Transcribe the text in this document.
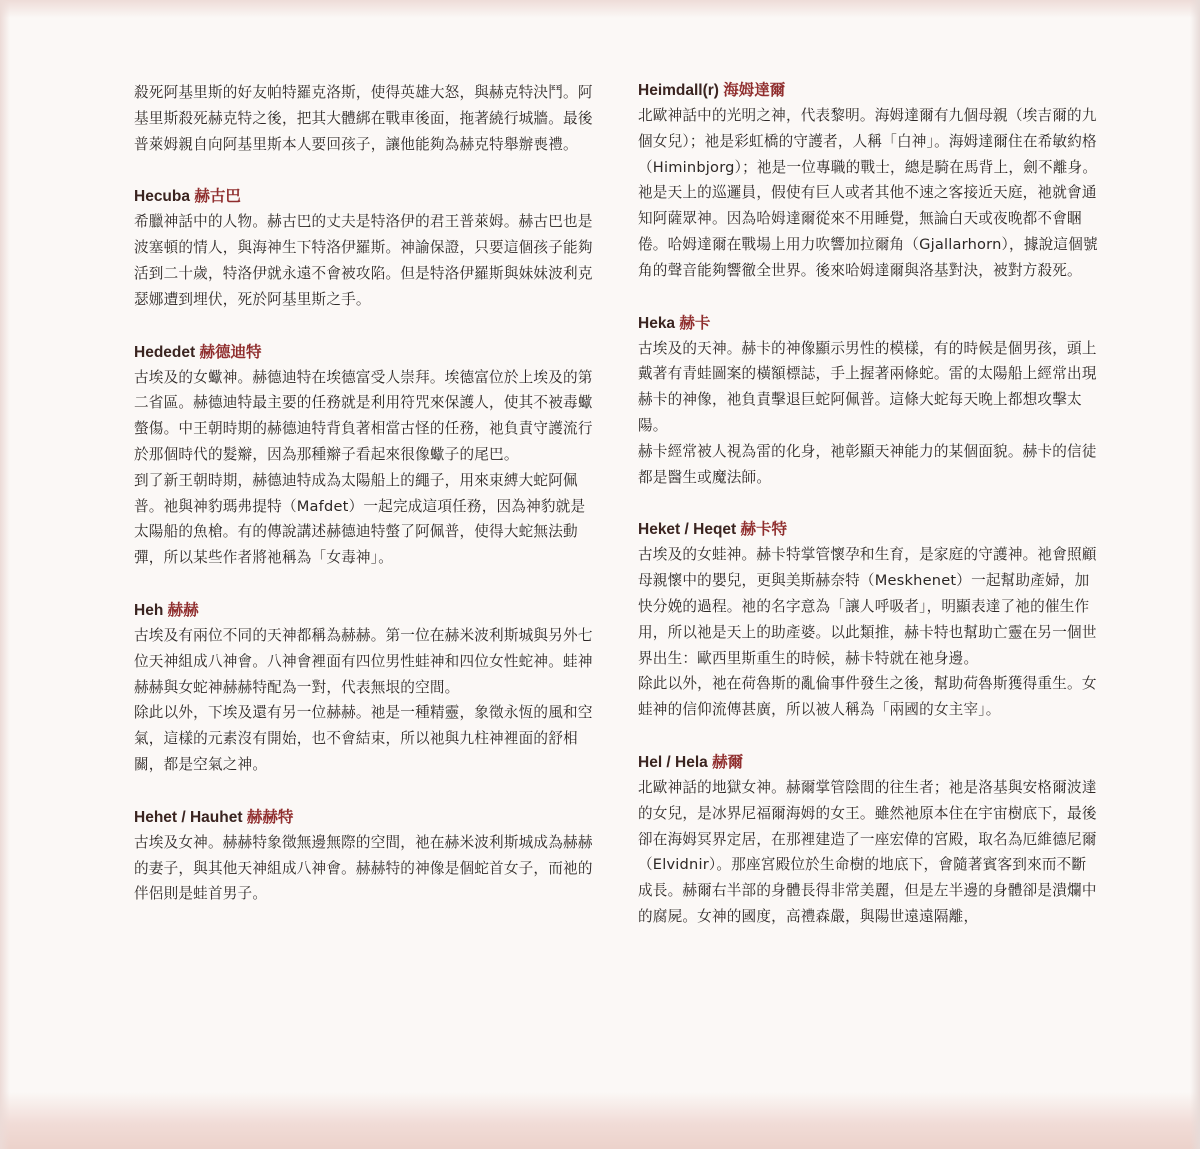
殺死阿基里斯的好友帕特羅克洛斯，使得英雄大怒，與赫克特決鬥。阿基里斯殺死赫克特之後，把其大體綁在戰車後面，拖著繞行城牆。最後普萊姆親自向阿基里斯本人要回孩子，讓他能夠為赫克特舉辦喪禮。

Hecuba 赫古巴

希臘神話中的人物。赫古巴的丈夫是特洛伊的君王普萊姆。赫古巴也是波塞頓的情人，與海神生下特洛伊羅斯。神諭保證，只要這個孩子能夠活到二十歲，特洛伊就永遠不會被攻陷。但是特洛伊羅斯與妹妹波利克瑟娜遭到埋伏，死於阿基里斯之手。

Hededet 赫德迪特

古埃及的女蠍神。赫德迪特在埃德富受人崇拜。埃德富位於上埃及的第二省區。赫德迪特最主要的任務就是利用符咒來保護人，使其不被毒蠍螫傷。中王朝時期的赫德迪特背負著相當古怪的任務，祂負責守護流行於那個時代的髮辮，因為那種辮子看起來很像蠍子的尾巴。

到了新王朝時期，赫德迪特成為太陽船上的繩子，用來束縛大蛇阿佩普。祂與神豹瑪弗提特（Mafdet）一起完成這項任務，因為神豹就是太陽船的魚槍。有的傳說講述赫德迪特螫了阿佩普，使得大蛇無法動彈，所以某些作者將祂稱為「女毒神」。

Heh 赫赫

古埃及有兩位不同的天神都稱為赫赫。第一位在赫米波利斯城與另外七位天神組成八神會。八神會裡面有四位男性蛙神和四位女性蛇神。蛙神赫赫與女蛇神赫赫特配為一對，代表無垠的空間。

除此以外，下埃及還有另一位赫赫。祂是一種精靈，象徵永恆的風和空氣，這樣的元素沒有開始，也不會結束，所以祂與九柱神裡面的舒相關，都是空氣之神。

Hehet / Hauhet 赫赫特

古埃及女神。赫赫特象徵無邊無際的空間，祂在赫米波利斯城成為赫赫的妻子，與其他天神組成八神會。赫赫特的神像是個蛇首女子，而祂的伴侶則是蛙首男子。

Heimdall(r) 海姆達爾

北歐神話中的光明之神，代表黎明。海姆達爾有九個母親（埃吉爾的九個女兒）；祂是彩虹橋的守護者，人稱「白神」。海姆達爾住在希敏約格（Himinbjorg）；祂是一位專職的戰士，總是騎在馬背上，劍不離身。

祂是天上的巡邏員，假使有巨人或者其他不速之客接近天庭，祂就會通知阿薩眾神。因為哈姆達爾從來不用睡覺，無論白天或夜晚都不會睏倦。哈姆達爾在戰場上用力吹響加拉爾角（Gjallarhorn），據說這個號角的聲音能夠響徹全世界。後來哈姆達爾與洛基對決，被對方殺死。

Heka 赫卡

古埃及的天神。赫卡的神像顯示男性的模樣，有的時候是個男孩，頭上戴著有青蛙圖案的橫額標誌，手上握著兩條蛇。雷的太陽船上經常出現赫卡的神像，祂負責擊退巨蛇阿佩普。這條大蛇每天晚上都想攻擊太陽。

赫卡經常被人視為雷的化身，祂彰顯天神能力的某個面貌。赫卡的信徒都是醫生或魔法師。

Heket / Heqet 赫卡特

古埃及的女蛙神。赫卡特掌管懷孕和生育，是家庭的守護神。祂會照顧母親懷中的嬰兒，更與美斯赫奈特（Meskhenet）一起幫助產婦，加快分娩的過程。祂的名字意為「讓人呼吸者」，明顯表達了祂的催生作用，所以祂是天上的助產婆。以此類推，赫卡特也幫助亡靈在另一個世界出生：歐西里斯重生的時候，赫卡特就在祂身邊。

除此以外，祂在荷魯斯的亂倫事件發生之後，幫助荷魯斯獲得重生。女蛙神的信仰流傳甚廣，所以被人稱為「兩國的女主宰」。

Hel / Hela 赫爾

北歐神話的地獄女神。赫爾掌管陰間的往生者；祂是洛基與安格爾波達的女兒，是冰界尼福爾海姆的女王。雖然祂原本住在宇宙樹底下，最後卻在海姆冥界定居，在那裡建造了一座宏偉的宮殿，取名為厄維德尼爾（Elvidnir）。那座宮殿位於生命樹的地底下，會隨著賓客到來而不斷成長。赫爾右半部的身體長得非常美麗，但是左半邊的身體卻是潰爛中的腐屍。女神的國度，高禮森嚴，與陽世遠遠隔離，
